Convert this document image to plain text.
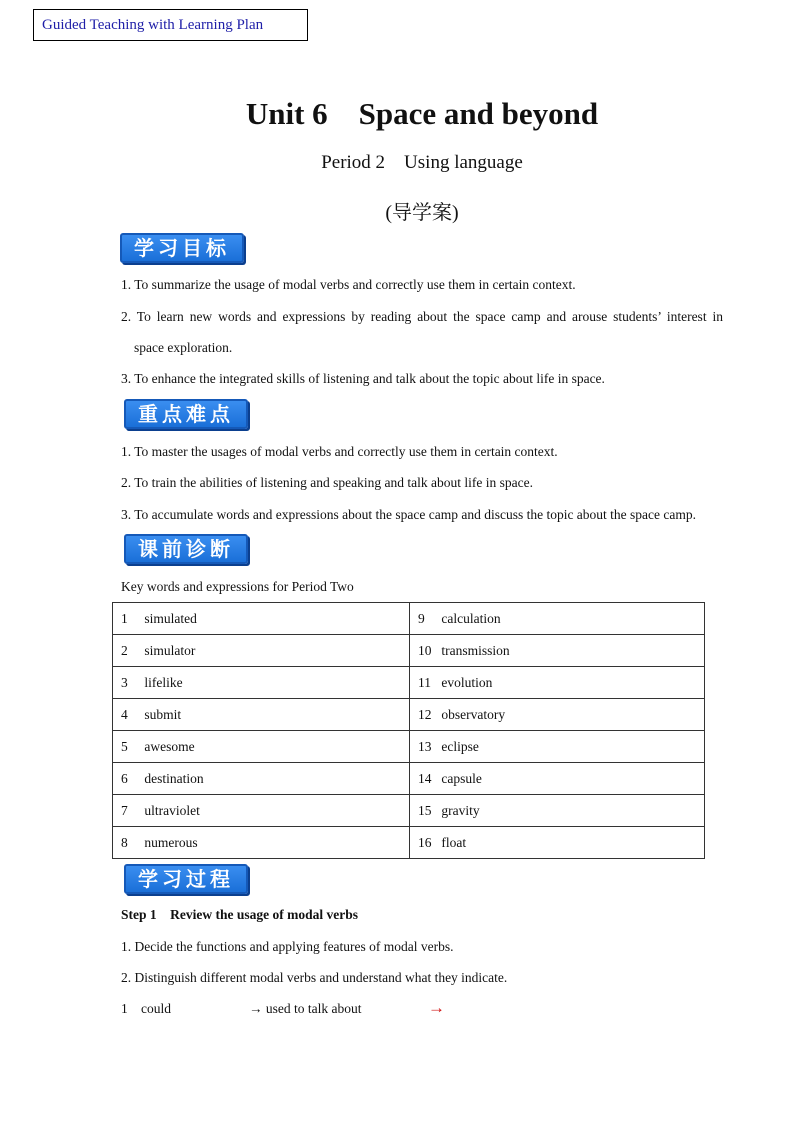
Guided Teaching with Learning Plan
Unit 6    Space and beyond
Period 2    Using language
(导学案)
学习目标
1. To summarize the usage of modal verbs and correctly use them in certain context.
2. To learn new words and expressions by reading about the space camp and arouse students’ interest in
space exploration.
3. To enhance the integrated skills of listening and talk about the topic about life in space.
重点难点
1. To master the usages of modal verbs and correctly use them in certain context.
2. To train the abilities of listening and speaking and talk about life in space.
3. To accumulate words and expressions about the space camp and discuss the topic about the space camp.
课前诊断
Key words and expressions for Period Two
1 simulated	9 calculation
2 simulator	10 transmission
3 lifelike	11 evolution
4 submit	12 observatory
5 awesome	13 eclipse
6 destination	14 capsule
7 ultraviolet	15 gravity
8 numerous	16 float
学习过程
Step 1    Review the usage of modal verbs
1. Decide the functions and applying features of modal verbs.
2. Distinguish different modal verbs and understand what they indicate.
1 could	→ used to talk about	→
